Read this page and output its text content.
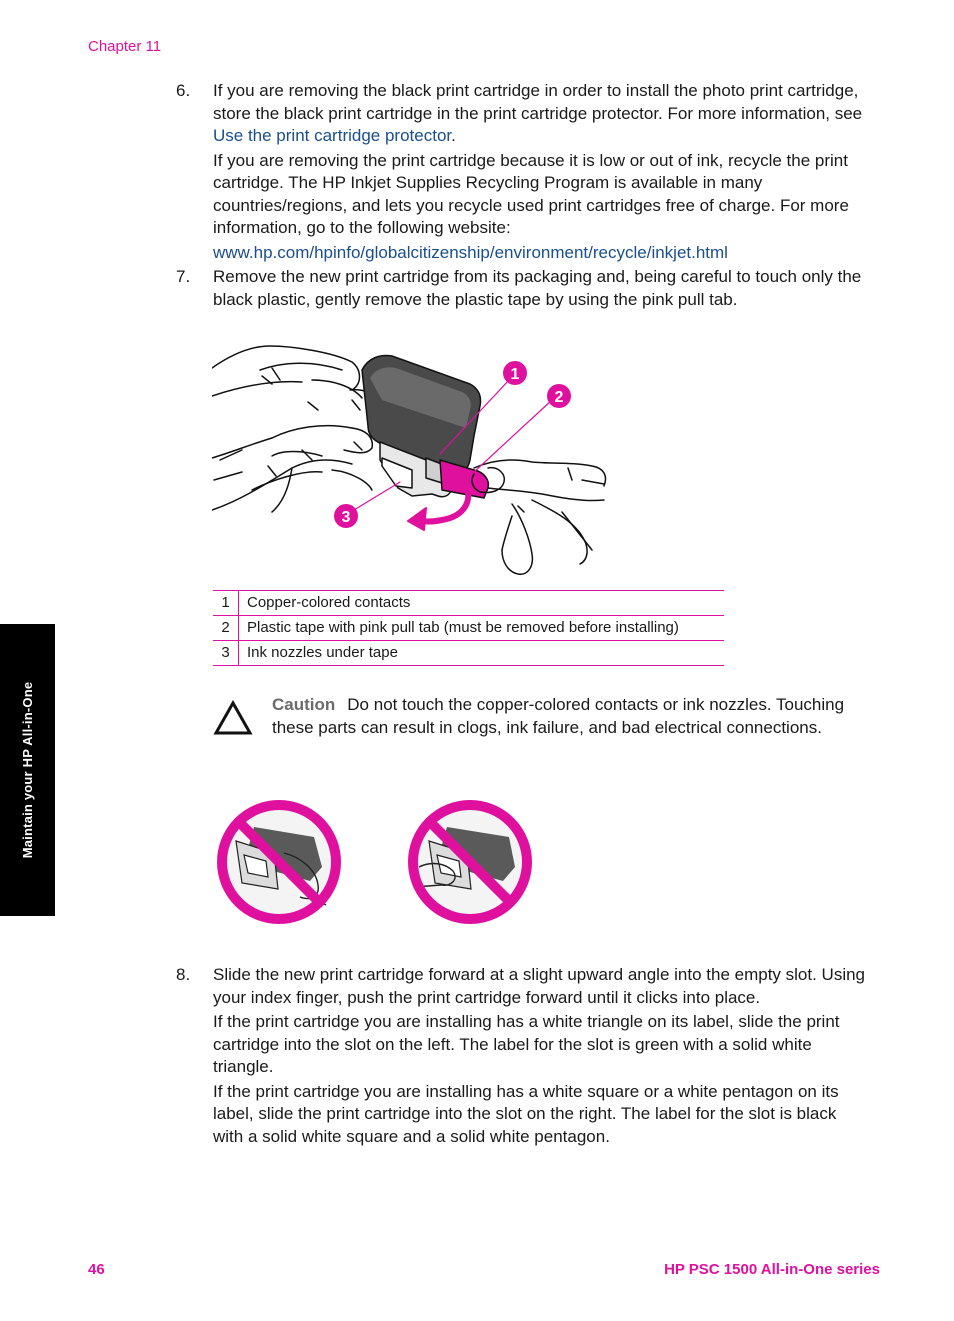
Chapter 11
Maintain your HP All-in-One
6. If you are removing the black print cartridge in order to install the photo print cartridge, store the black print cartridge in the print cartridge protector. For more information, see Use the print cartridge protector.

If you are removing the print cartridge because it is low or out of ink, recycle the print cartridge. The HP Inkjet Supplies Recycling Program is available in many countries/regions, and lets you recycle used print cartridges free of charge. For more information, go to the following website:

www.hp.com/hpinfo/globalcitizenship/environment/recycle/inkjet.html

7. Remove the new print cartridge from its packaging and, being careful to touch only the black plastic, gently remove the plastic tape by using the pink pull tab.

1
2
3
1	Copper-colored contacts
2	Plastic tape with pink pull tab (must be removed before installing)
3	Ink nozzles under tape
Caution Do not touch the copper-colored contacts or ink nozzles. Touching these parts can result in clogs, ink failure, and bad electrical connections.
8. Slide the new print cartridge forward at a slight upward angle into the empty slot. Using your index finger, push the print cartridge forward until it clicks into place.

If the print cartridge you are installing has a white triangle on its label, slide the print cartridge into the slot on the left. The label for the slot is green with a solid white triangle.

If the print cartridge you are installing has a white square or a white pentagon on its label, slide the print cartridge into the slot on the right. The label for the slot is black with a solid white square and a solid white pentagon.

46	HP PSC 1500 All-in-One series
